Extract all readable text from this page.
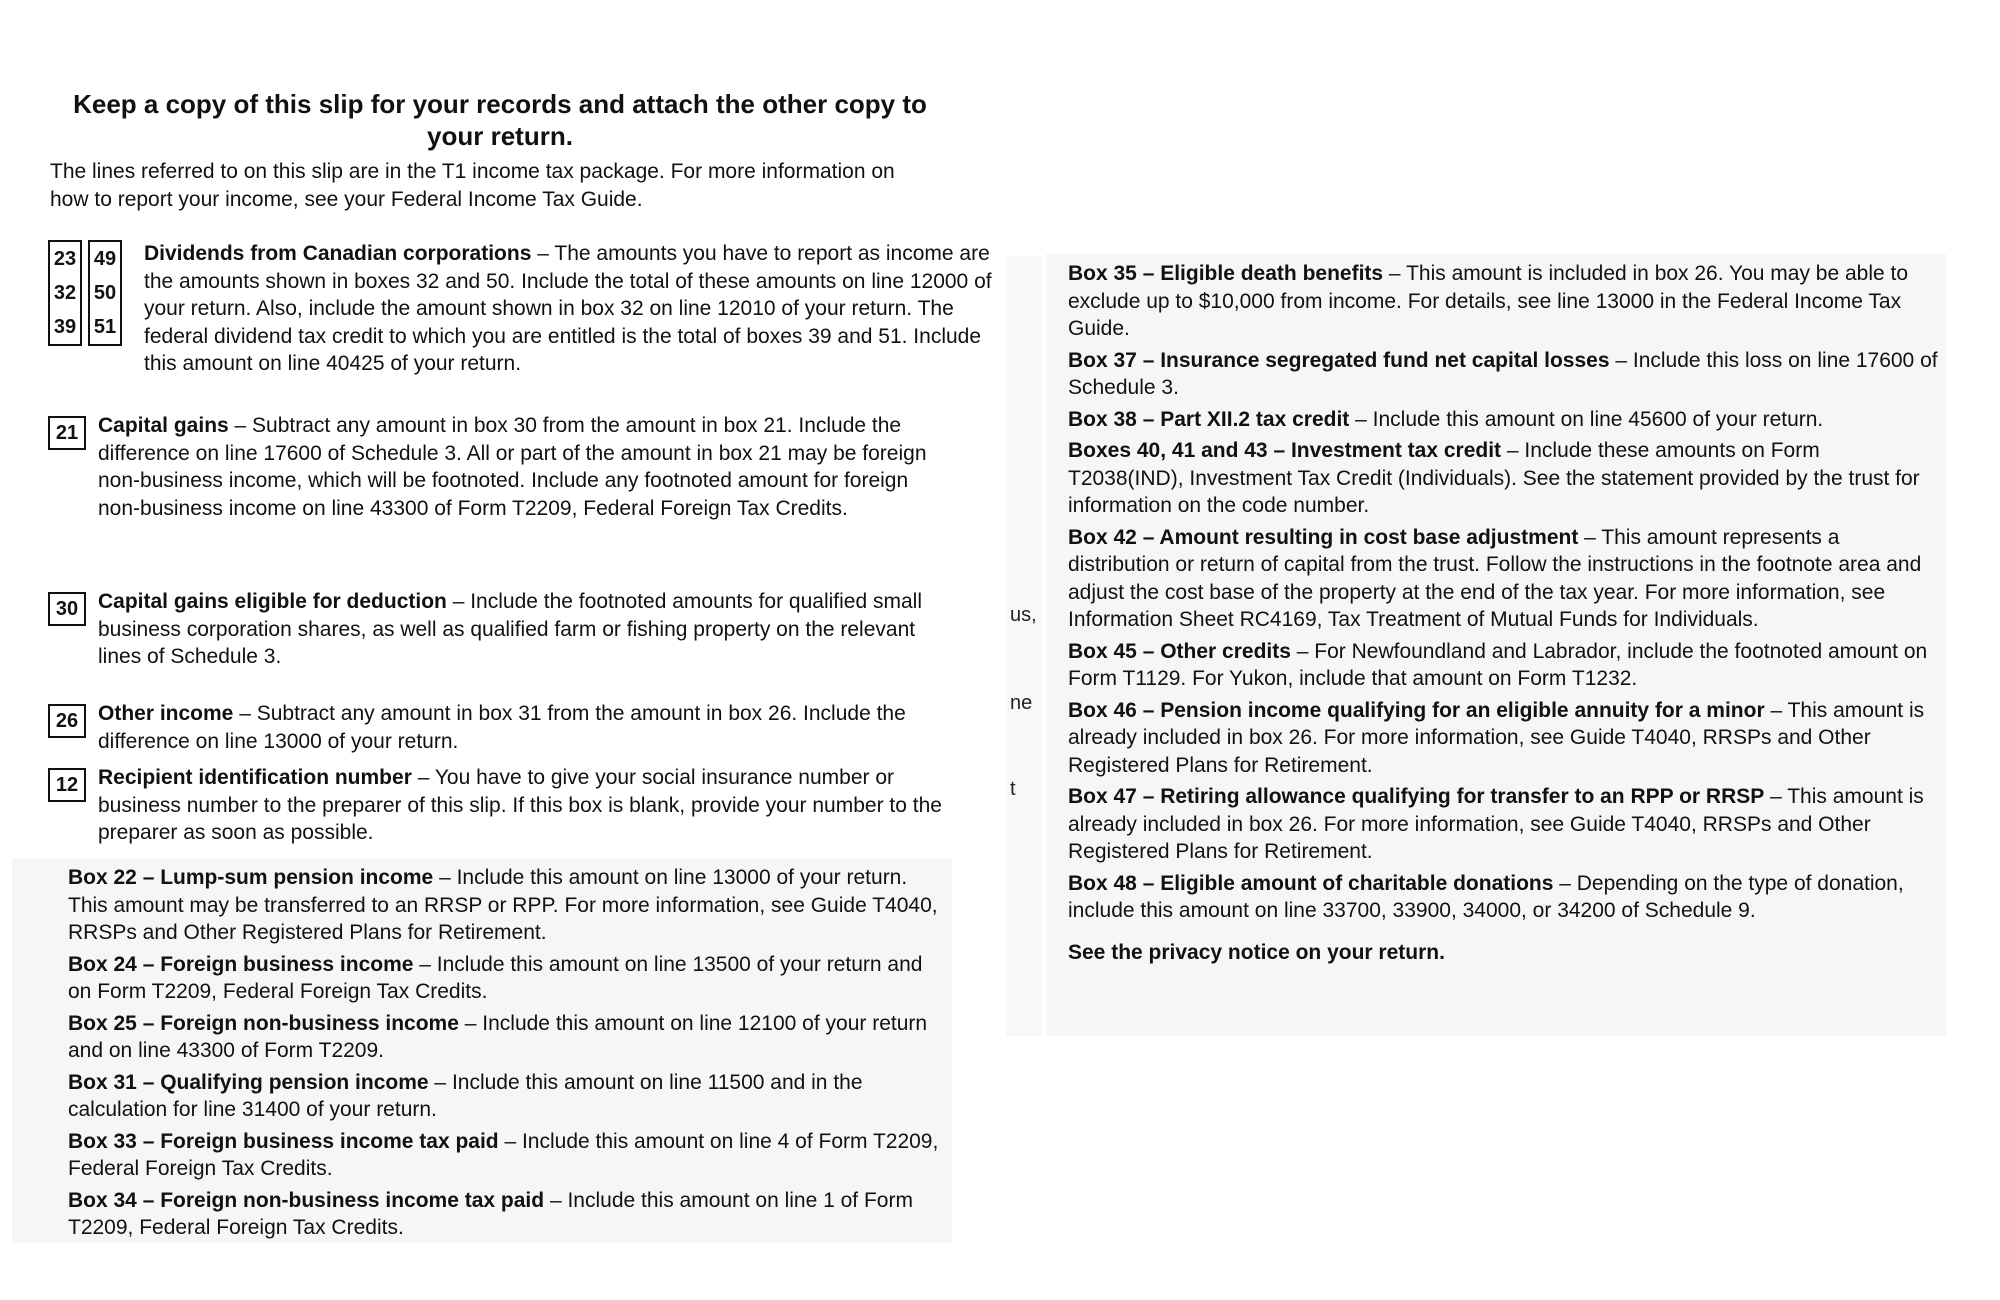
Keep a copy of this slip for your records and attach the other copy to your return.
The lines referred to on this slip are in the T1 income tax package. For more information on how to report your income, see your Federal Income Tax Guide.
23
32
39
49
50
51
Dividends from Canadian corporations – The amounts you have to report as income are the amounts shown in boxes 32 and 50. Include the total of these amounts on line 12000 of your return. Also, include the amount shown in box 32 on line 12010 of your return. The federal dividend tax credit to which you are entitled is the total of boxes 39 and 51. Include this amount on line 40425 of your return.
21 Capital gains – Subtract any amount in box 30 from the amount in box 21. Include the difference on line 17600 of Schedule 3. All or part of the amount in box 21 may be foreign non-business income, which will be footnoted. Include any footnoted amount for foreign non-business income on line 43300 of Form T2209, Federal Foreign Tax Credits.
30 Capital gains eligible for deduction – Include the footnoted amounts for qualified small business corporation shares, as well as qualified farm or fishing property on the relevant lines of Schedule 3.
26 Other income – Subtract any amount in box 31 from the amount in box 26. Include the difference on line 13000 of your return.
12 Recipient identification number – You have to give your social insurance number or business number to the preparer of this slip. If this box is blank, provide your number to the preparer as soon as possible.

Box 22 – Lump-sum pension income – Include this amount on line 13000 of your return. This amount may be transferred to an RRSP or RPP. For more information, see Guide T4040, RRSPs and Other Registered Plans for Retirement.

Box 24 – Foreign business income – Include this amount on line 13500 of your return and on Form T2209, Federal Foreign Tax Credits.

Box 25 – Foreign non-business income – Include this amount on line 12100 of your return and on line 43300 of Form T2209.

Box 31 – Qualifying pension income – Include this amount on line 11500 and in the calculation for line 31400 of your return.

Box 33 – Foreign business income tax paid – Include this amount on line 4 of Form T2209, Federal Foreign Tax Credits.

Box 34 – Foreign non-business income tax paid – Include this amount on line 1 of Form T2209, Federal Foreign Tax Credits.

us,
ne
t

Box 35 – Eligible death benefits – This amount is included in box 26. You may be able to exclude up to $10,000 from income. For details, see line 13000 in the Federal Income Tax Guide.

Box 37 – Insurance segregated fund net capital losses – Include this loss on line 17600 of Schedule 3.

Box 38 – Part XII.2 tax credit – Include this amount on line 45600 of your return.

Boxes 40, 41 and 43 – Investment tax credit – Include these amounts on Form T2038(IND), Investment Tax Credit (Individuals). See the statement provided by the trust for information on the code number.

Box 42 – Amount resulting in cost base adjustment – This amount represents a distribution or return of capital from the trust. Follow the instructions in the footnote area and adjust the cost base of the property at the end of the tax year. For more information, see Information Sheet RC4169, Tax Treatment of Mutual Funds for Individuals.

Box 45 – Other credits – For Newfoundland and Labrador, include the footnoted amount on Form T1129. For Yukon, include that amount on Form T1232.

Box 46 – Pension income qualifying for an eligible annuity for a minor – This amount is already included in box 26. For more information, see Guide T4040, RRSPs and Other Registered Plans for Retirement.

Box 47 – Retiring allowance qualifying for transfer to an RPP or RRSP – This amount is already included in box 26. For more information, see Guide T4040, RRSPs and Other Registered Plans for Retirement.

Box 48 – Eligible amount of charitable donations – Depending on the type of donation, include this amount on line 33700, 33900, 34000, or 34200 of Schedule 9.

See the privacy notice on your return.
